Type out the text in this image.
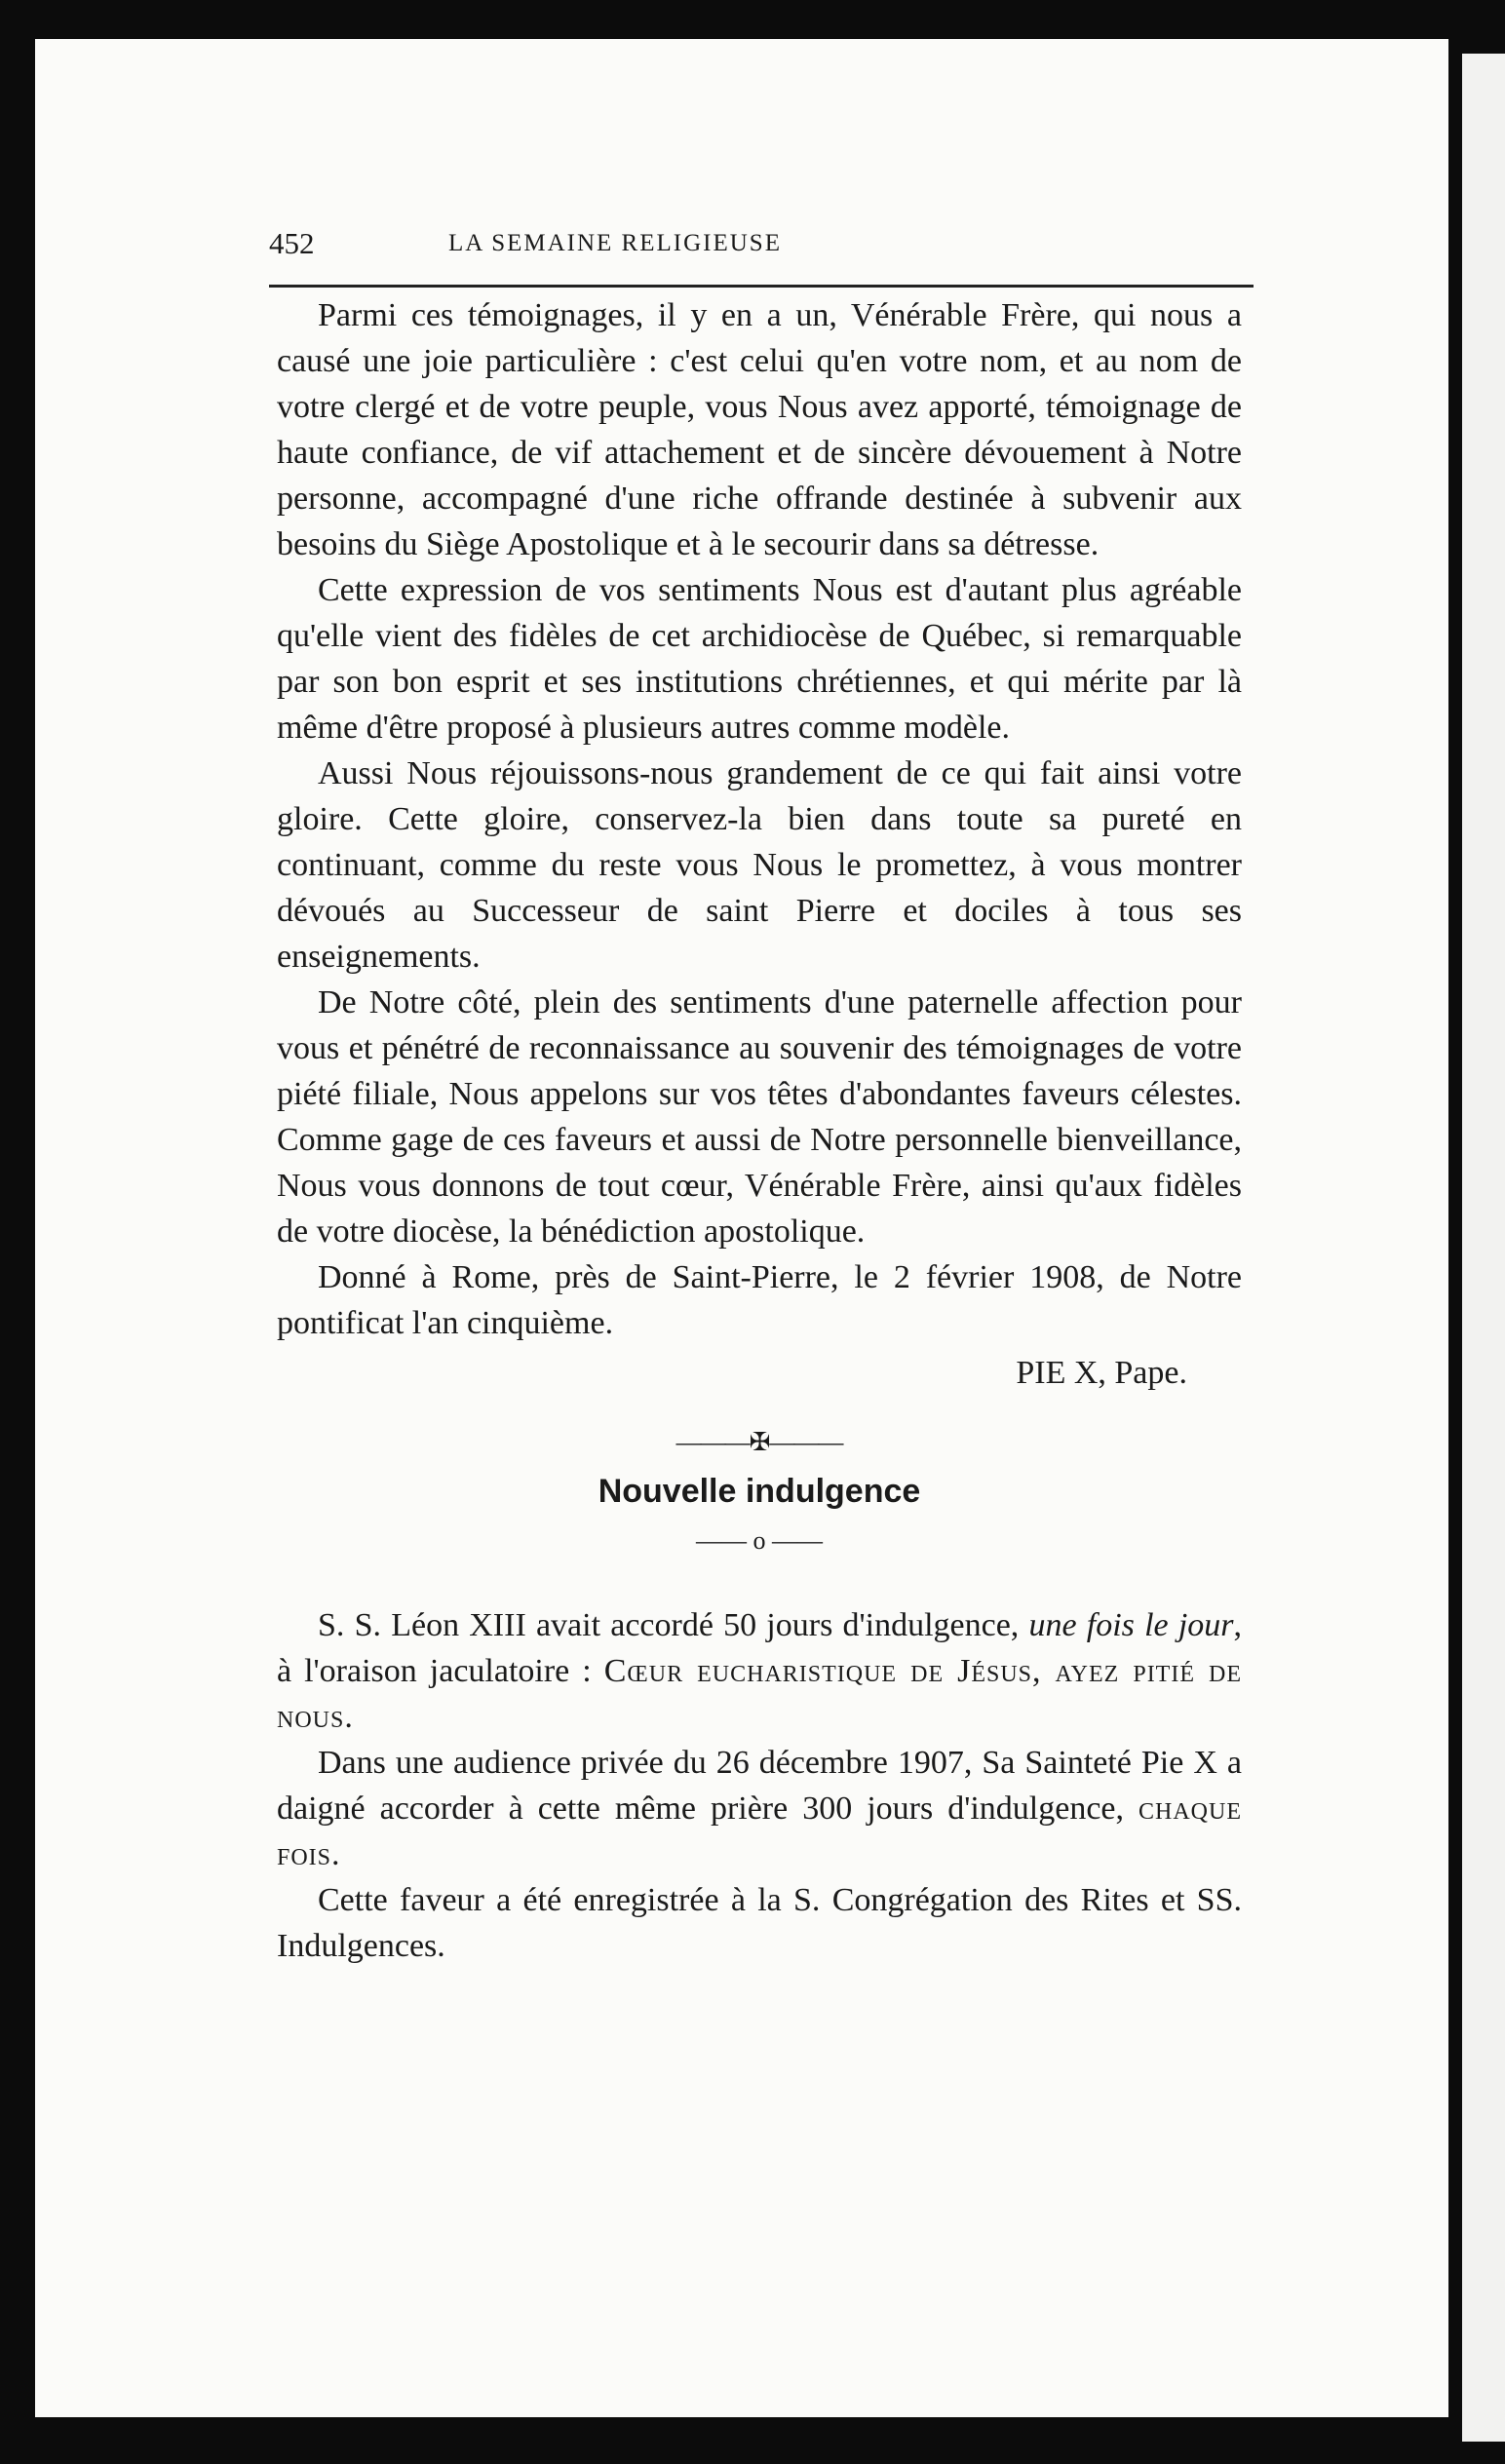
452	LA SEMAINE RELIGIEUSE

Parmi ces témoignages, il y en a un, Vénérable Frère, qui nous a causé une joie particulière : c'est celui qu'en votre nom, et au nom de votre clergé et de votre peuple, vous Nous avez apporté, témoignage de haute confiance, de vif attachement et de sincère dévouement à Notre personne, accompagné d'une riche offrande destinée à subvenir aux besoins du Siège Apostolique et à le secourir dans sa détresse.

Cette expression de vos sentiments Nous est d'autant plus agréable qu'elle vient des fidèles de cet archidiocèse de Québec, si remarquable par son bon esprit et ses institutions chrétiennes, et qui mérite par là même d'être proposé à plusieurs autres comme modèle.

Aussi Nous réjouissons-nous grandement de ce qui fait ainsi votre gloire. Cette gloire, conservez-la bien dans toute sa pureté en continuant, comme du reste vous Nous le promettez, à vous montrer dévoués au Successeur de saint Pierre et dociles à tous ses enseignements.

De Notre côté, plein des sentiments d'une paternelle affection pour vous et pénétré de reconnaissance au souvenir des témoignages de votre piété filiale, Nous appelons sur vos têtes d'abondantes faveurs célestes. Comme gage de ces faveurs et aussi de Notre personnelle bienveillance, Nous vous donnons de tout cœur, Vénérable Frère, ainsi qu'aux fidèles de votre diocèse, la bénédiction apostolique.

Donné à Rome, près de Saint-Pierre, le 2 février 1908, de Notre pontificat l'an cinquième.

PIE X, Pape.
———✠———
Nouvelle indulgence
—— o ——

S. S. Léon XIII avait accordé 50 jours d'indulgence, une fois le jour, à l'oraison jaculatoire : Cœur eucharistique de Jésus, ayez pitié de nous.

Dans une audience privée du 26 décembre 1907, Sa Sainteté Pie X a daigné accorder à cette même prière 300 jours d'indulgence, chaque fois.

Cette faveur a été enregistrée à la S. Congrégation des Rites et SS. Indulgences.
